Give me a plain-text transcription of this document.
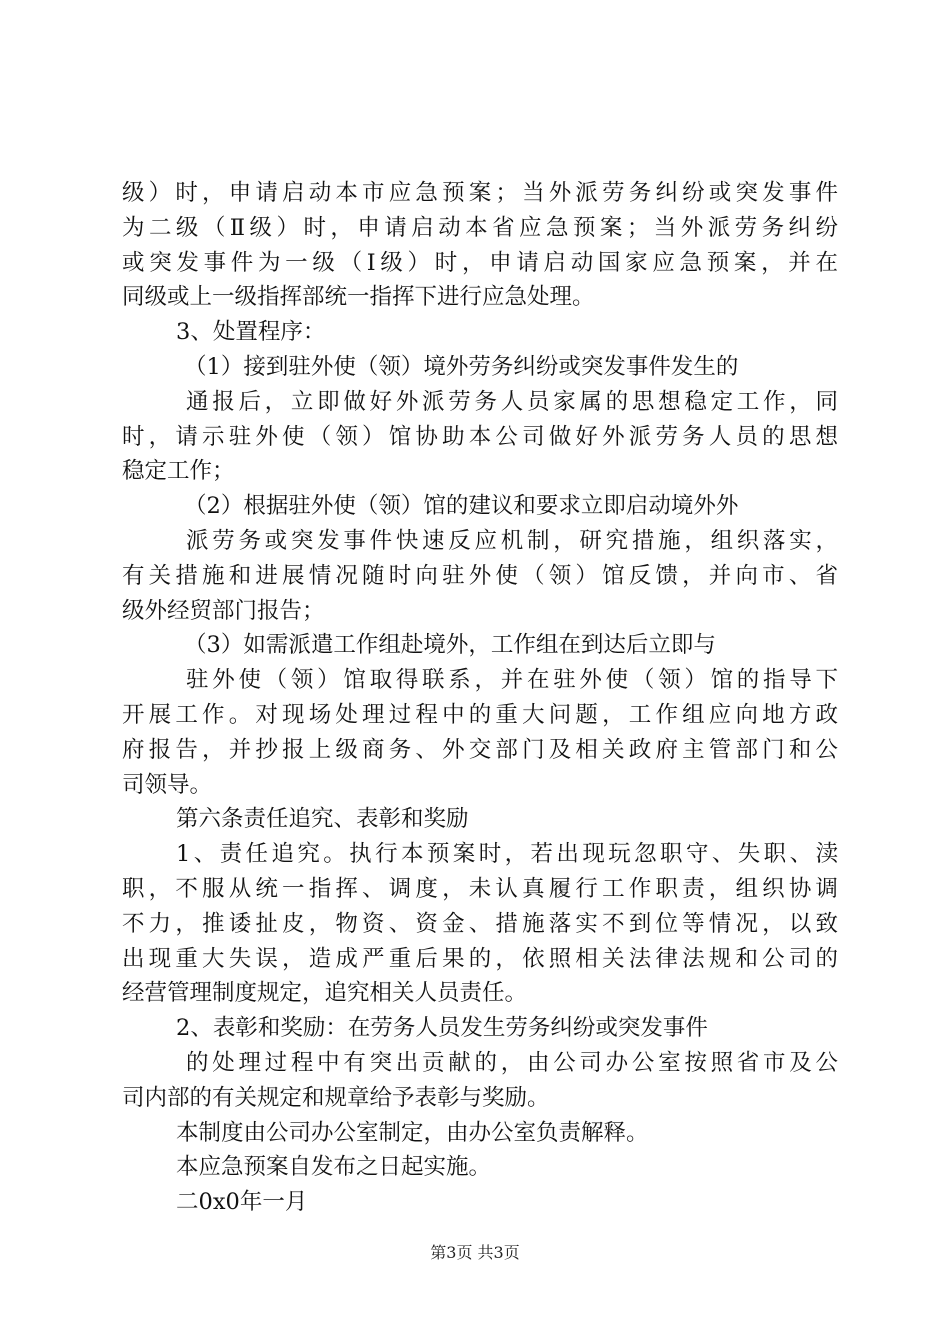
级）时，申请启动本市应急预案；当外派劳务纠纷或突发事件
为二级（Ⅱ级）时，申请启动本省应急预案；当外派劳务纠纷
或突发事件为一级（Ⅰ级）时，申请启动国家应急预案，并在
同级或上一级指挥部统一指挥下进行应急处理。
3、处置程序：
（1）接到驻外使（领）境外劳务纠纷或突发事件发生的
通报后，立即做好外派劳务人员家属的思想稳定工作，同
时，请示驻外使（领）馆协助本公司做好外派劳务人员的思想
稳定工作；
（2）根据驻外使（领）馆的建议和要求立即启动境外外
派劳务或突发事件快速反应机制，研究措施，组织落实，
有关措施和进展情况随时向驻外使（领）馆反馈，并向市、省
级外经贸部门报告；
（3）如需派遣工作组赴境外，工作组在到达后立即与
驻外使（领）馆取得联系，并在驻外使（领）馆的指导下
开展工作。对现场处理过程中的重大问题，工作组应向地方政
府报告，并抄报上级商务、外交部门及相关政府主管部门和公
司领导。
第六条责任追究、表彰和奖励
1、责任追究。执行本预案时，若出现玩忽职守、失职、渎
职，不服从统一指挥、调度，未认真履行工作职责，组织协调
不力，推诿扯皮，物资、资金、措施落实不到位等情况，以致
出现重大失误，造成严重后果的，依照相关法律法规和公司的
经营管理制度规定，追究相关人员责任。
2、表彰和奖励：在劳务人员发生劳务纠纷或突发事件
的处理过程中有突出贡献的，由公司办公室按照省市及公
司内部的有关规定和规章给予表彰与奖励。
本制度由公司办公室制定，由办公室负责解释。
本应急预案自发布之日起实施。
二0x0年一月
第3页 共3页
